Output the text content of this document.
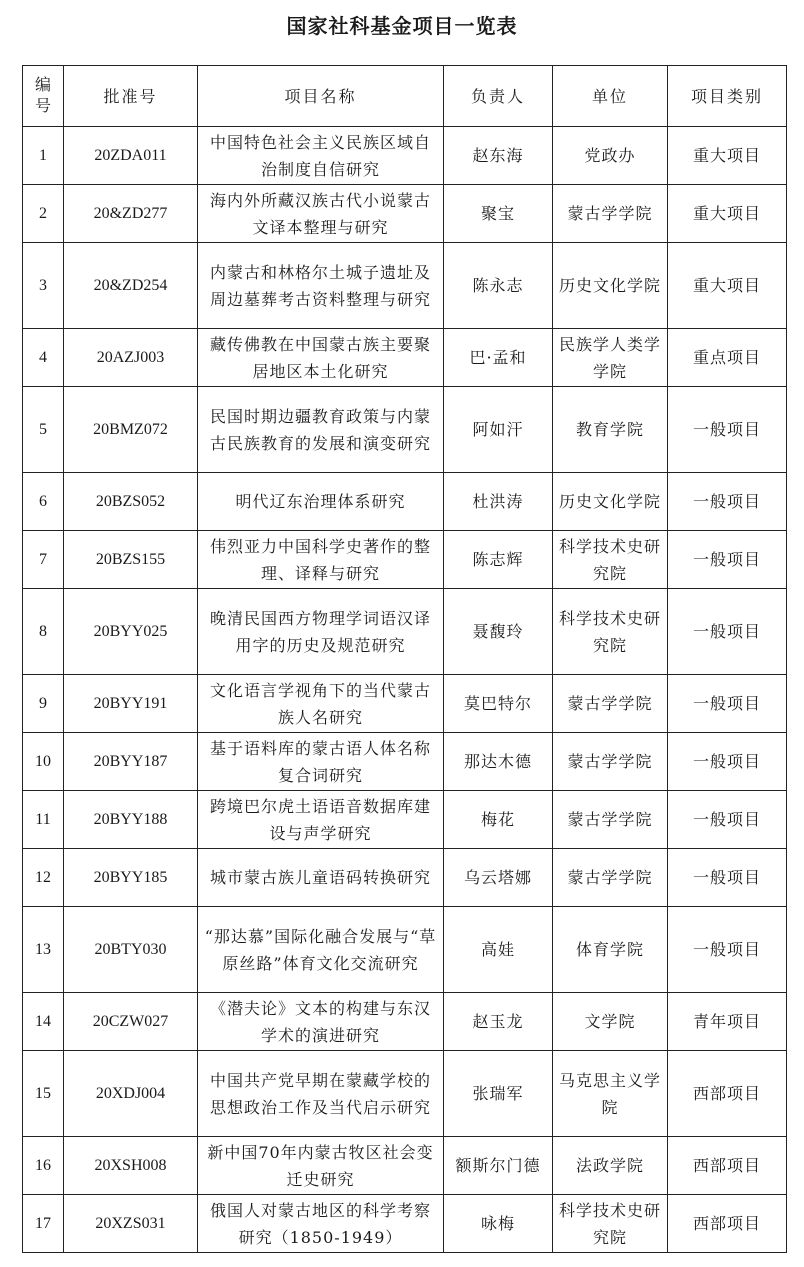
国家社科基金项目一览表
编号	批准号	项目名称	负责人	单位	项目类别
1	20ZDA011	中国特色社会主义民族区域自治制度自信研究	赵东海	党政办	重大项目
2	20&ZD277	海内外所藏汉族古代小说蒙古文译本整理与研究	聚宝	蒙古学学院	重大项目
3	20&ZD254	内蒙古和林格尔土城子遗址及周边墓葬考古资料整理与研究	陈永志	历史文化学院	重大项目
4	20AZJ003	藏传佛教在中国蒙古族主要聚居地区本土化研究	巴·孟和	民族学人类学学院	重点项目
5	20BMZ072	民国时期边疆教育政策与内蒙古民族教育的发展和演变研究	阿如汗	教育学院	一般项目
6	20BZS052	明代辽东治理体系研究	杜洪涛	历史文化学院	一般项目
7	20BZS155	伟烈亚力中国科学史著作的整理、译释与研究	陈志辉	科学技术史研究院	一般项目
8	20BYY025	晚清民国西方物理学词语汉译用字的历史及规范研究	聂馥玲	科学技术史研究院	一般项目
9	20BYY191	文化语言学视角下的当代蒙古族人名研究	莫巴特尔	蒙古学学院	一般项目
10	20BYY187	基于语料库的蒙古语人体名称复合词研究	那达木德	蒙古学学院	一般项目
11	20BYY188	跨境巴尔虎土语语音数据库建设与声学研究	梅花	蒙古学学院	一般项目
12	20BYY185	城市蒙古族儿童语码转换研究	乌云塔娜	蒙古学学院	一般项目
13	20BTY030	“那达慕”国际化融合发展与“草原丝路”体育文化交流研究	高娃	体育学院	一般项目
14	20CZW027	《潜夫论》文本的构建与东汉学术的演进研究	赵玉龙	文学院	青年项目
15	20XDJ004	中国共产党早期在蒙藏学校的思想政治工作及当代启示研究	张瑞军	马克思主义学院	西部项目
16	20XSH008	新中国70年内蒙古牧区社会变迁史研究	额斯尔门德	法政学院	西部项目
17	20XZS031	俄国人对蒙古地区的科学考察研究（1850-1949）	咏梅	科学技术史研究院	西部项目
